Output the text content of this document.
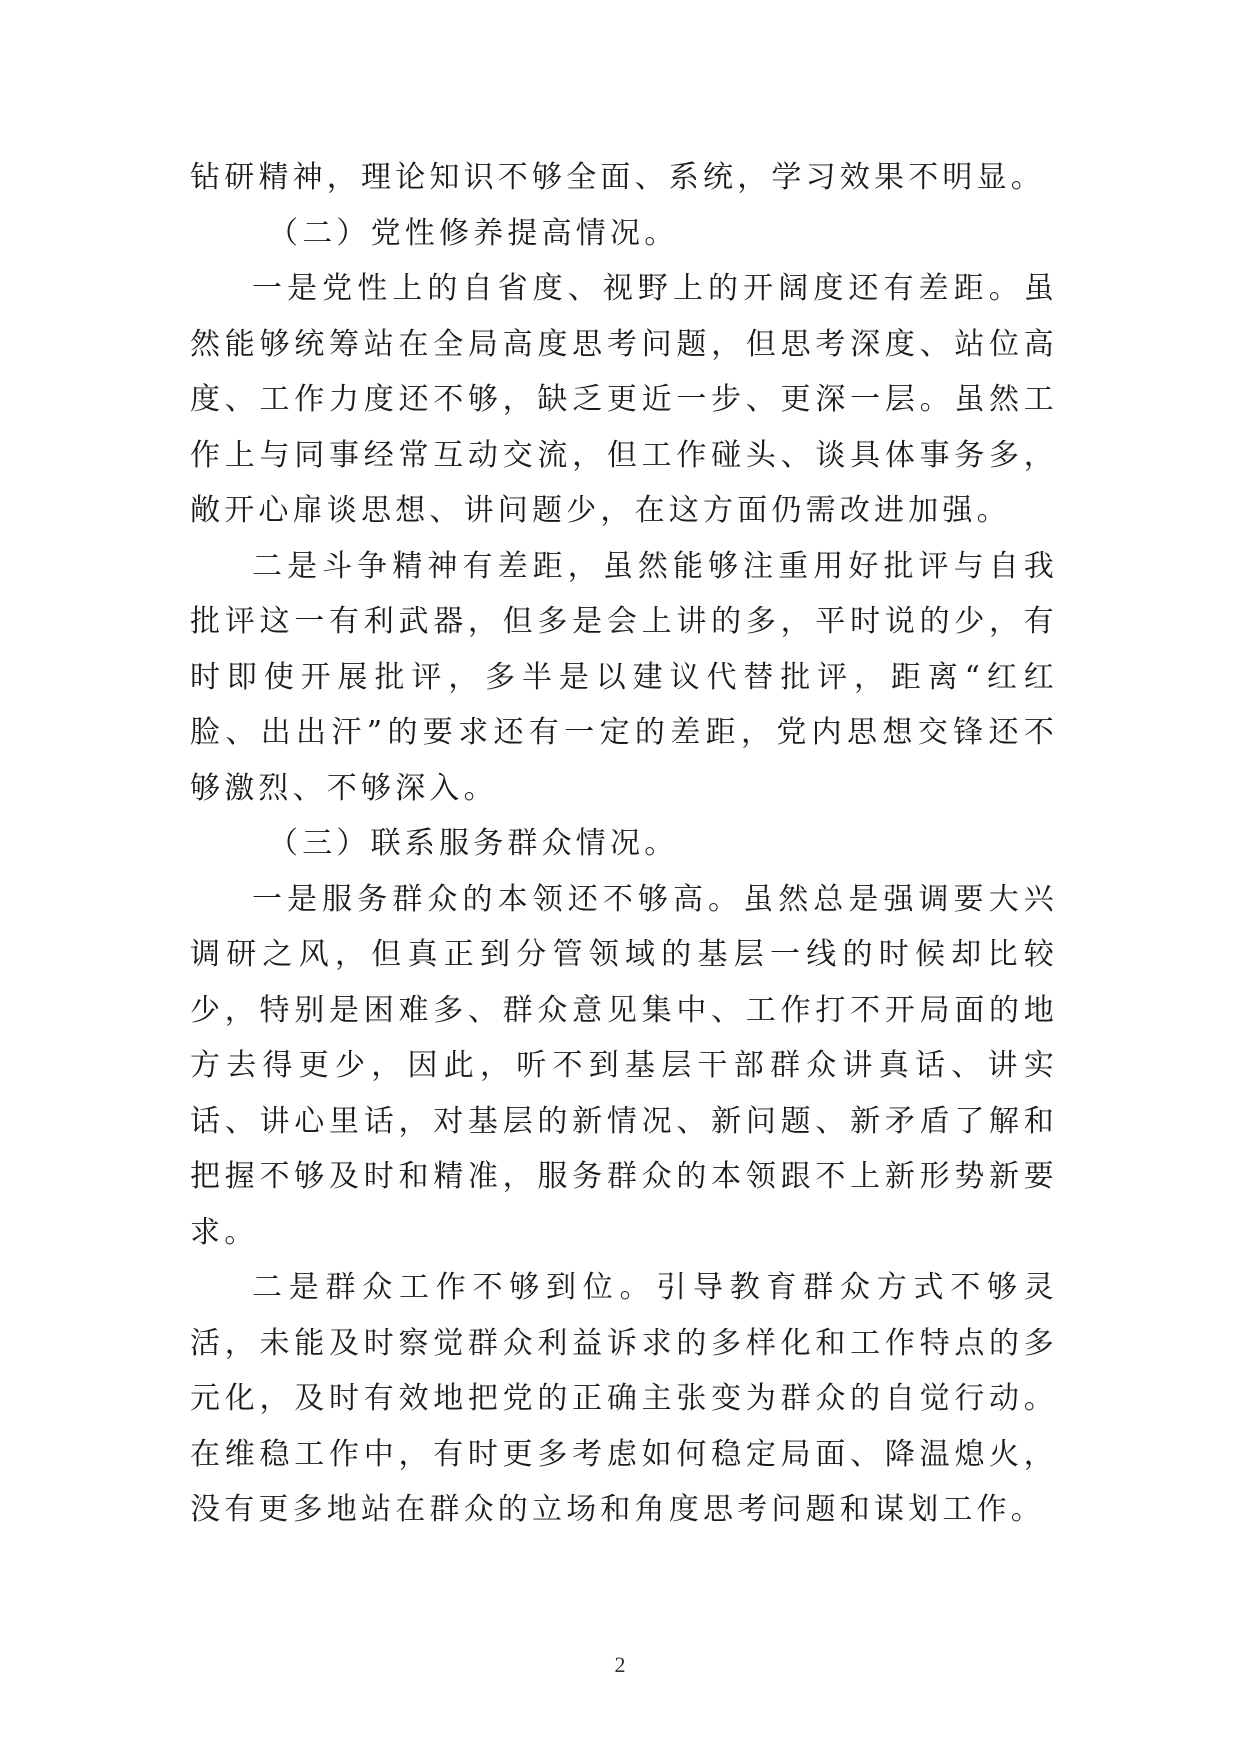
钻研精神，理论知识不够全面、系统，学习效果不明显。

（二）党性修养提高情况。

一是党性上的自省度、视野上的开阔度还有差距。虽然能够统筹站在全局高度思考问题，但思考深度、站位高度、工作力度还不够，缺乏更近一步、更深一层。虽然工作上与同事经常互动交流，但工作碰头、谈具体事务多，敞开心扉谈思想、讲问题少，在这方面仍需改进加强。

二是斗争精神有差距，虽然能够注重用好批评与自我批评这一有利武器，但多是会上讲的多，平时说的少，有时即使开展批评，多半是以建议代替批评，距离“红红脸、出出汗”的要求还有一定的差距，党内思想交锋还不够激烈、不够深入。

（三）联系服务群众情况。

一是服务群众的本领还不够高。虽然总是强调要大兴调研之风，但真正到分管领域的基层一线的时候却比较少，特别是困难多、群众意见集中、工作打不开局面的地方去得更少，因此，听不到基层干部群众讲真话、讲实话、讲心里话，对基层的新情况、新问题、新矛盾了解和把握不够及时和精准，服务群众的本领跟不上新形势新要求。

二是群众工作不够到位。引导教育群众方式不够灵活，未能及时察觉群众利益诉求的多样化和工作特点的多元化，及时有效地把党的正确主张变为群众的自觉行动。在维稳工作中，有时更多考虑如何稳定局面、降温熄火，没有更多地站在群众的立场和角度思考问题和谋划工作。

2
